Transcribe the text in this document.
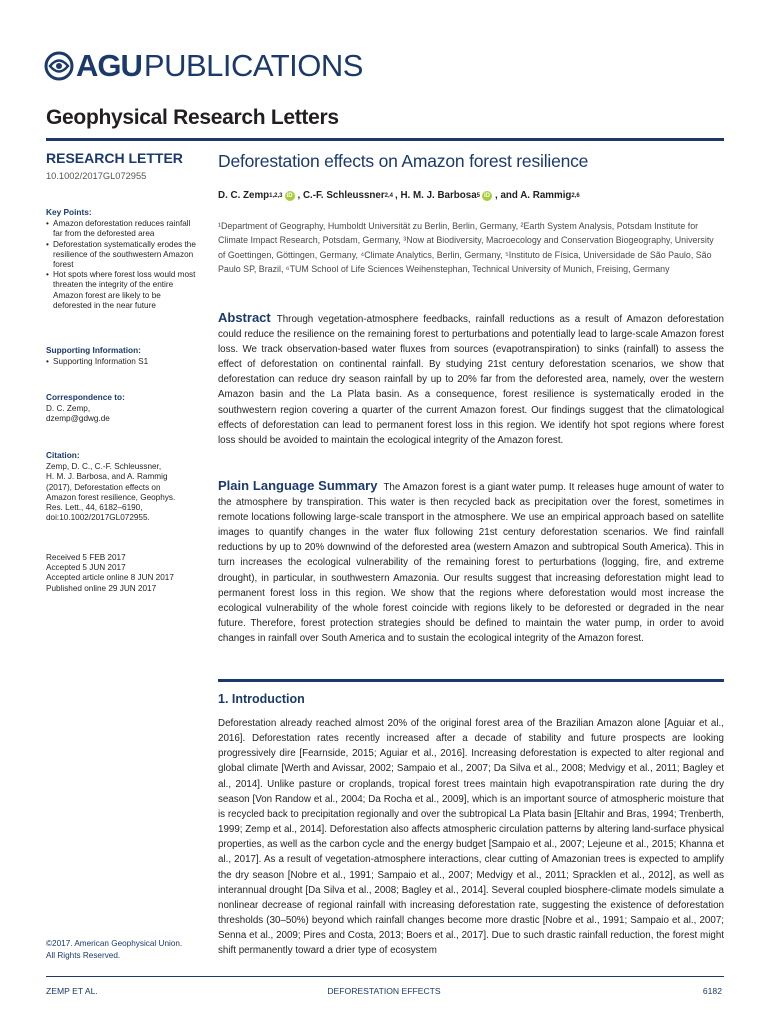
AGU PUBLICATIONS
Geophysical Research Letters
RESEARCH LETTER
10.1002/2017GL072955
Key Points:
• Amazon deforestation reduces rainfall far from the deforested area
• Deforestation systematically erodes the resilience of the southwestern Amazon forest
• Hot spots where forest loss would most threaten the integrity of the entire Amazon forest are likely to be deforested in the near future
Supporting Information:
• Supporting Information S1
Correspondence to:
D. C. Zemp,
dzemp@gdwg.de
Citation:
Zemp, D. C., C.-F. Schleussner,
H. M. J. Barbosa, and A. Rammig
(2017), Deforestation effects on
Amazon forest resilience, Geophys.
Res. Lett., 44, 6182–6190,
doi:10.1002/2017GL072955.
Received 5 FEB 2017
Accepted 5 JUN 2017
Accepted article online 8 JUN 2017
Published online 29 JUN 2017
Deforestation effects on Amazon forest resilience
D. C. Zemp 1,2,3 iD , C.-F. Schleussner 2,4 , H. M. J. Barbosa 5 iD , and A. Rammig 2,6
¹Department of Geography, Humboldt Universität zu Berlin, Berlin, Germany, ²Earth System Analysis, Potsdam Institute for Climate Impact Research, Potsdam, Germany, ³Now at Biodiversity, Macroecology and Conservation Biogeography, University of Goettingen, Göttingen, Germany, ⁴Climate Analytics, Berlin, Germany, ⁵Instituto de Física, Universidade de São Paulo, São Paulo SP, Brazil, ⁶TUM School of Life Sciences Weihenstephan, Technical University of Munich, Freising, Germany
Abstract Through vegetation-atmosphere feedbacks, rainfall reductions as a result of Amazon deforestation could reduce the resilience on the remaining forest to perturbations and potentially lead to large-scale Amazon forest loss. We track observation-based water fluxes from sources (evapotranspiration) to sinks (rainfall) to assess the effect of deforestation on continental rainfall. By studying 21st century deforestation scenarios, we show that deforestation can reduce dry season rainfall by up to 20% far from the deforested area, namely, over the western Amazon basin and the La Plata basin. As a consequence, forest resilience is systematically eroded in the southwestern region covering a quarter of the current Amazon forest. Our findings suggest that the climatological effects of deforestation can lead to permanent forest loss in this region. We identify hot spot regions where forest loss should be avoided to maintain the ecological integrity of the Amazon forest.
Plain Language Summary The Amazon forest is a giant water pump. It releases huge amount of water to the atmosphere by transpiration. This water is then recycled back as precipitation over the forest, sometimes in remote locations following large-scale transport in the atmosphere. We use an empirical approach based on satellite images to quantify changes in the water flux following 21st century deforestation scenarios. We find rainfall reductions by up to 20% downwind of the deforested area (western Amazon and subtropical South America). This in turn increases the ecological vulnerability of the remaining forest to perturbations (logging, fire, and extreme drought), in particular, in southwestern Amazonia. Our results suggest that increasing deforestation might lead to permanent forest loss in this region. We show that the regions where deforestation would most increase the ecological vulnerability of the whole forest coincide with regions likely to be deforested or degraded in the near future. Therefore, forest protection strategies should be defined to maintain the water pump, in order to avoid changes in rainfall over South America and to sustain the ecological integrity of the Amazon forest.
1. Introduction
Deforestation already reached almost 20% of the original forest area of the Brazilian Amazon alone [Aguiar et al., 2016]. Deforestation rates recently increased after a decade of stability and future prospects are looking progressively dire [Fearnside, 2015; Aguiar et al., 2016]. Increasing deforestation is expected to alter regional and global climate [Werth and Avissar, 2002; Sampaio et al., 2007; Da Silva et al., 2008; Medvigy et al., 2011; Bagley et al., 2014]. Unlike pasture or croplands, tropical forest trees maintain high evapotranspiration rate during the dry season [Von Randow et al., 2004; Da Rocha et al., 2009], which is an important source of atmospheric moisture that is recycled back to precipitation regionally and over the subtropical La Plata basin [Eltahir and Bras, 1994; Trenberth, 1999; Zemp et al., 2014]. Deforestation also affects atmospheric circulation patterns by altering land-surface physical properties, as well as the carbon cycle and the energy budget [Sampaio et al., 2007; Lejeune et al., 2015; Khanna et al., 2017]. As a result of vegetation-atmosphere interactions, clear cutting of Amazonian trees is expected to amplify the dry season [Nobre et al., 1991; Sampaio et al., 2007; Medvigy et al., 2011; Spracklen et al., 2012], as well as interannual drought [Da Silva et al., 2008; Bagley et al., 2014]. Several coupled biosphere-climate models simulate a nonlinear decrease of regional rainfall with increasing deforestation rate, suggesting the existence of deforestation thresholds (30–50%) beyond which rainfall changes become more drastic [Nobre et al., 1991; Sampaio et al., 2007; Senna et al., 2009; Pires and Costa, 2013; Boers et al., 2017]. Due to such drastic rainfall reduction, the forest might shift permanently toward a drier type of ecosystem
©2017. American Geophysical Union.
All Rights Reserved.
ZEMP ET AL.	DEFORESTATION EFFECTS	6182
